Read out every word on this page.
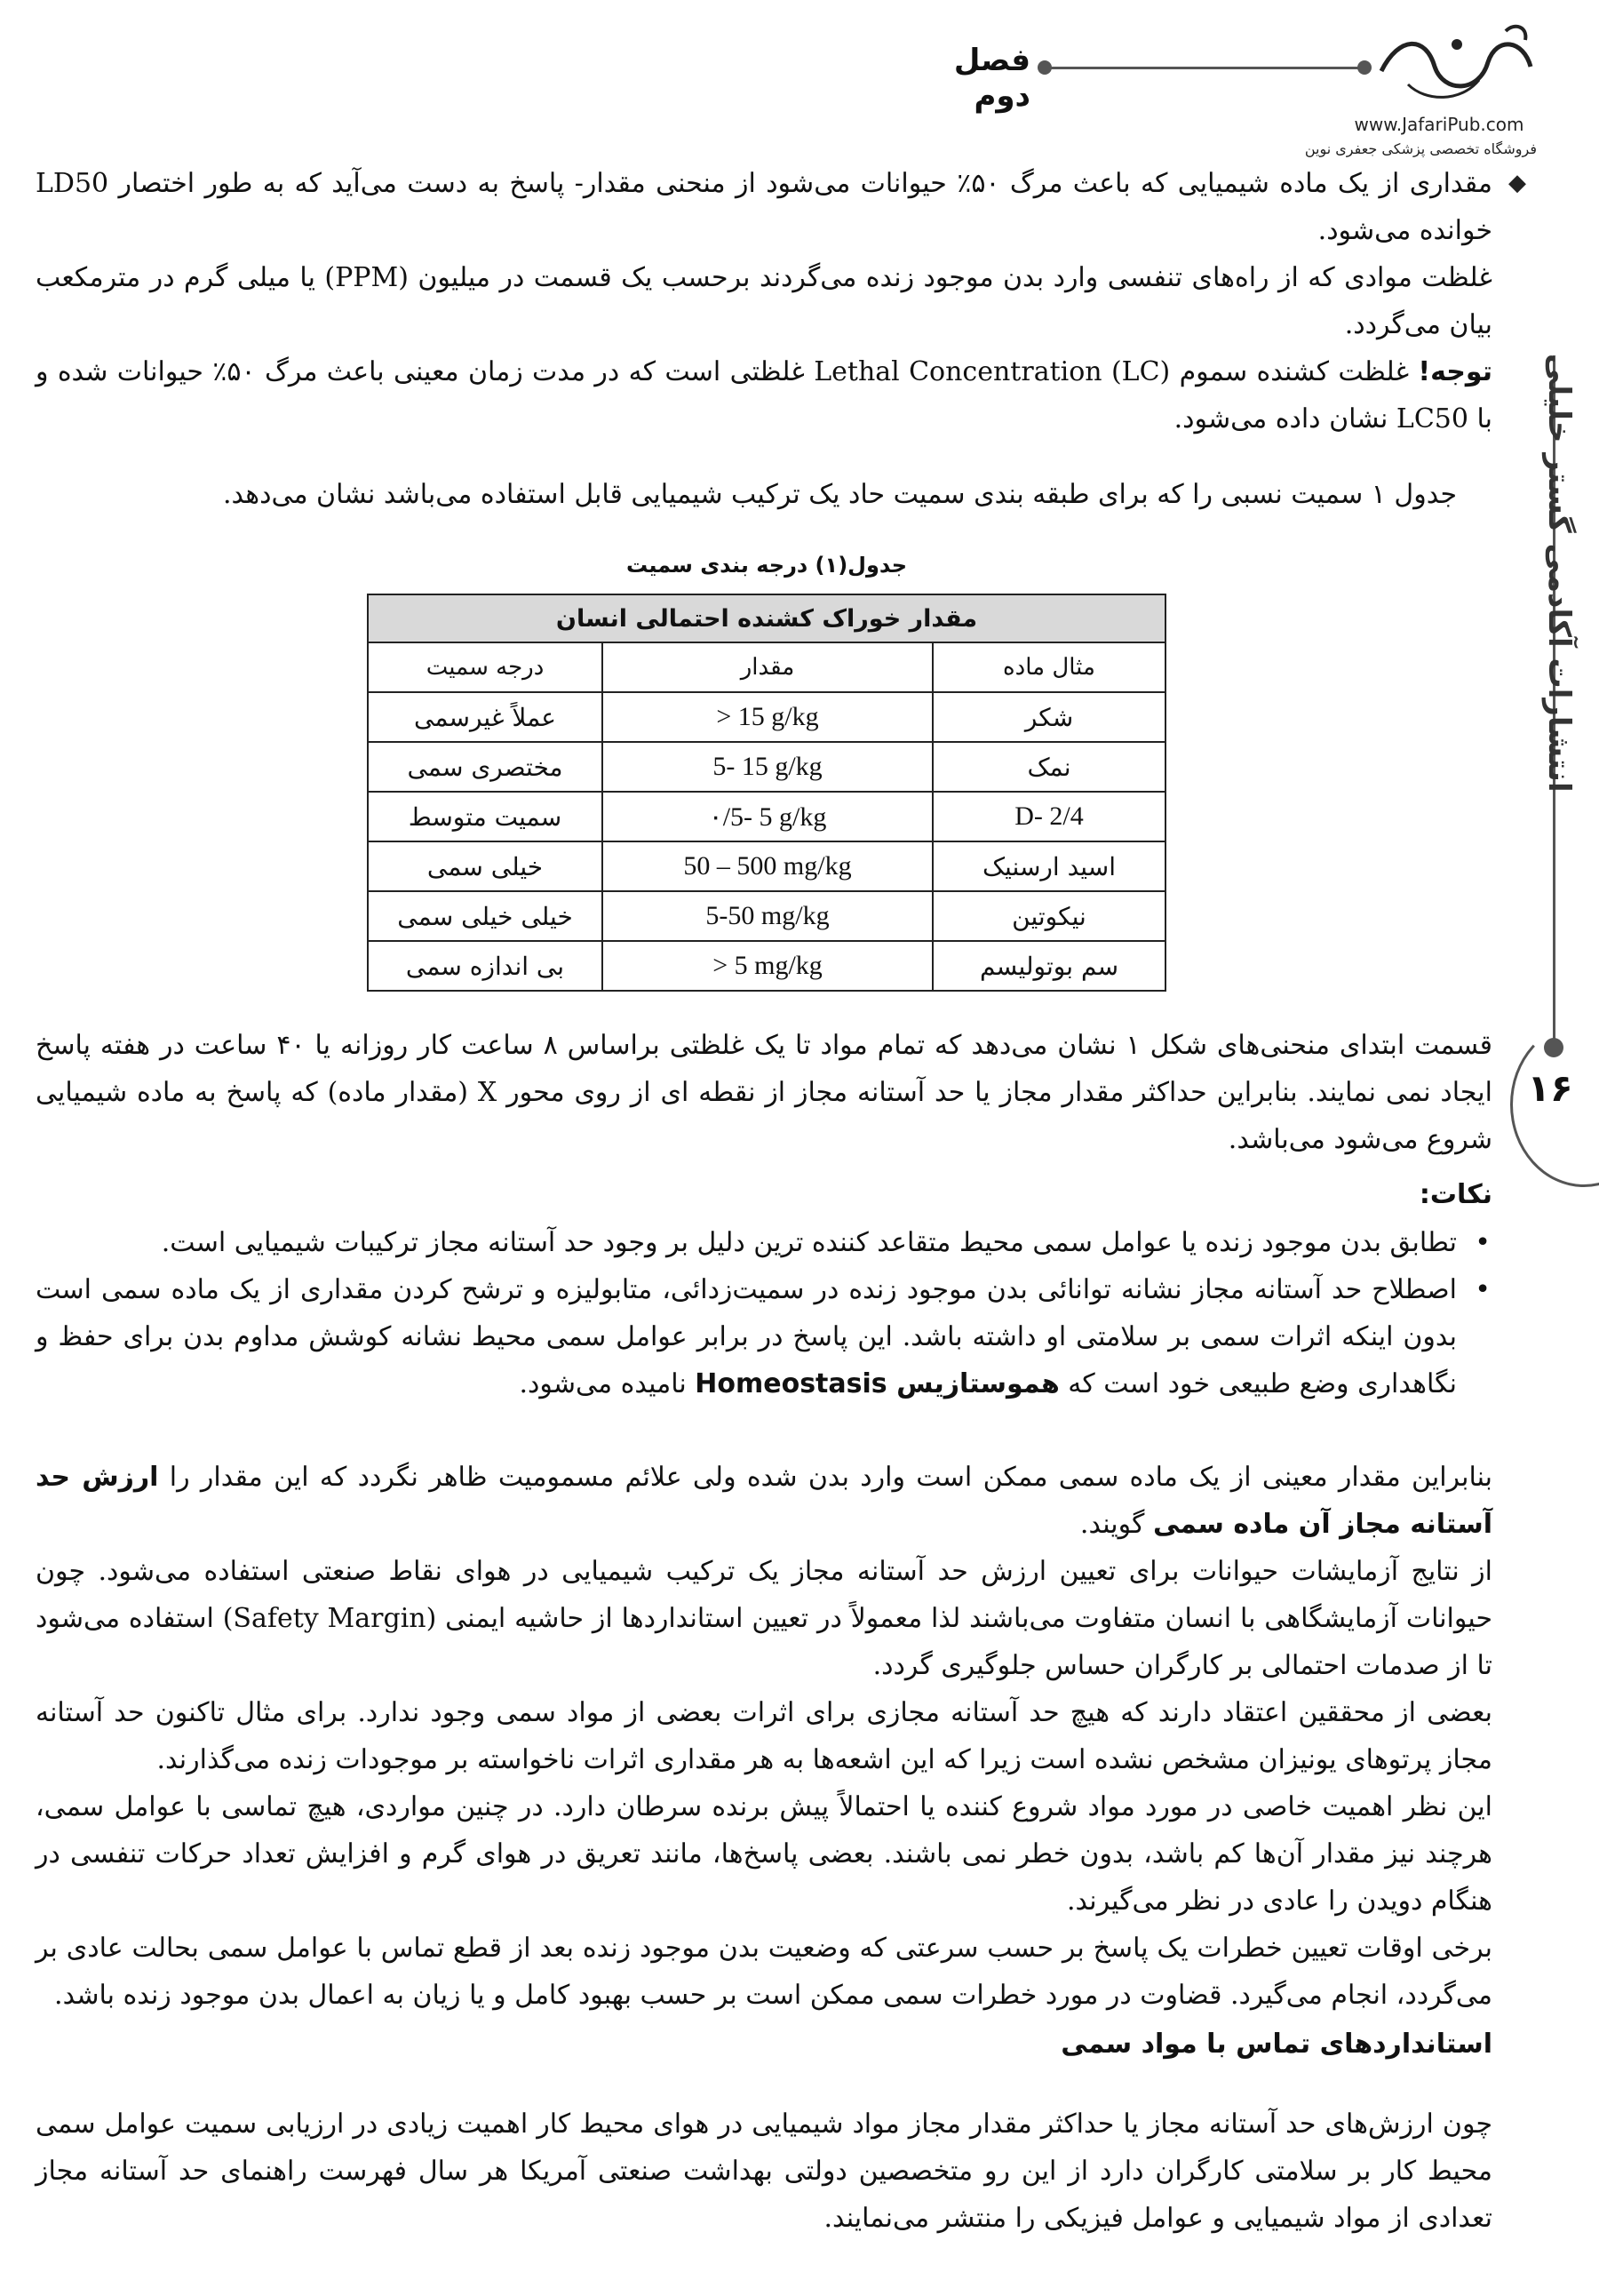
فصل دوم
www.JafariPub.com
فروشگاه تخصصی پزشکی جعفری نوین
انتشارات آکادمی گستر خلیلی
۱۶
◆ مقداری از یک ماده شیمیایی که باعث مرگ ۵۰٪ حیوانات می‌شود از منحنی مقدار- پاسخ به دست می‌آید که به طور اختصار LD50 خوانده می‌شود.
غلظت موادی که از راه‌های تنفسی وارد بدن موجود زنده می‌گردند برحسب یک قسمت در میلیون (PPM) یا میلی گرم در مترمکعب بیان می‌گردد.
توجه! غلظت کشنده سموم Lethal Concentration (LC) غلظتی است که در مدت زمان معینی باعث مرگ ۵۰٪ حیوانات شده و با LC50 نشان داده می‌شود.
جدول ۱ سمیت نسبی را که برای طبقه بندی سمیت حاد یک ترکیب شیمیایی قابل استفاده می‌باشد نشان می‌دهد.
جدول(۱) درجه بندی سمیت
مقدار خوراک کشنده احتمالی انسان		
مثال ماده	مقدار	درجه سمیت
شکر	> 15 g/kg	عملاً غیرسمی
نمک	5- 15 g/kg	مختصری سمی
D- 2/4	۰/5- 5 g/kg	سمیت متوسط
اسید ارسنیک	50 – 500 mg/kg	خیلی سمی
نیکوتین	5-50 mg/kg	خیلی خیلی سمی
سم بوتولیسم	> 5 mg/kg	بی اندازه سمی
قسمت ابتدای منحنی‌های شکل ۱ نشان می‌دهد که تمام مواد تا یک غلظتی براساس ۸ ساعت کار روزانه یا ۴۰ ساعت در هفته پاسخ ایجاد نمی نمایند. بنابراین حداکثر مقدار مجاز یا حد آستانه مجاز از نقطه ای از روی محور X (مقدار ماده) که پاسخ به ماده شیمیایی شروع می‌شود می‌باشد.
نکات:
• تطابق بدن موجود زنده یا عوامل سمی محیط متقاعد کننده ترین دلیل بر وجود حد آستانه مجاز ترکیبات شیمیایی است.
• اصطلاح حد آستانه مجاز نشانه توانائی بدن موجود زنده در سمیت‌زدائی، متابولیزه و ترشح کردن مقداری از یک ماده سمی است بدون اینکه اثرات سمی بر سلامتی او داشته باشد. این پاسخ در برابر عوامل سمی محیط نشانه کوشش مداوم بدن برای حفظ و نگاهداری وضع طبیعی خود است که هموستازیس Homeostasis نامیده می‌شود.
بنابراین مقدار معینی از یک ماده سمی ممکن است وارد بدن شده ولی علائم مسمومیت ظاهر نگردد که این مقدار را ارزش حد آستانه مجاز آن ماده سمی گویند.
از نتایج آزمایشات حیوانات برای تعیین ارزش حد آستانه مجاز یک ترکیب شیمیایی در هوای نقاط صنعتی استفاده می‌شود. چون حیوانات آزمایشگاهی با انسان متفاوت می‌باشند لذا معمولاً در تعیین استانداردها از حاشیه ایمنی (Safety Margin) استفاده می‌شود تا از صدمات احتمالی بر کارگران حساس جلوگیری گردد.
بعضی از محققین اعتقاد دارند که هیچ حد آستانه مجازی برای اثرات بعضی از مواد سمی وجود ندارد. برای مثال تاکنون حد آستانه مجاز پرتوهای یونیزان مشخص نشده است زیرا که این اشعه‌ها به هر مقداری اثرات ناخواسته بر موجودات زنده می‌گذارند.
این نظر اهمیت خاصی در مورد مواد شروع کننده یا احتمالاً پیش برنده سرطان دارد. در چنین مواردی، هیچ تماسی با عوامل سمی، هرچند نیز مقدار آن‌ها کم باشد، بدون خطر نمی باشند. بعضی پاسخ‌ها، مانند تعریق در هوای گرم و افزایش تعداد حرکات تنفسی در هنگام دویدن را عادی در نظر می‌گیرند.
برخی اوقات تعیین خطرات یک پاسخ بر حسب سرعتی که وضعیت بدن موجود زنده بعد از قطع تماس با عوامل سمی بحالت عادی بر می‌گردد، انجام می‌گیرد. قضاوت در مورد خطرات سمی ممکن است بر حسب بهبود کامل و یا زیان به اعمال بدن موجود زنده باشد.
استانداردهای تماس با مواد سمی
چون ارزش‌های حد آستانه مجاز یا حداکثر مقدار مجاز مواد شیمیایی در هوای محیط کار اهمیت زیادی در ارزیابی سمیت عوامل سمی محیط کار بر سلامتی کارگران دارد از این رو متخصصین دولتی بهداشت صنعتی آمریکا هر سال فهرست راهنمای حد آستانه مجاز تعدادی از مواد شیمیایی و عوامل فیزیکی را منتشر می‌نمایند.
